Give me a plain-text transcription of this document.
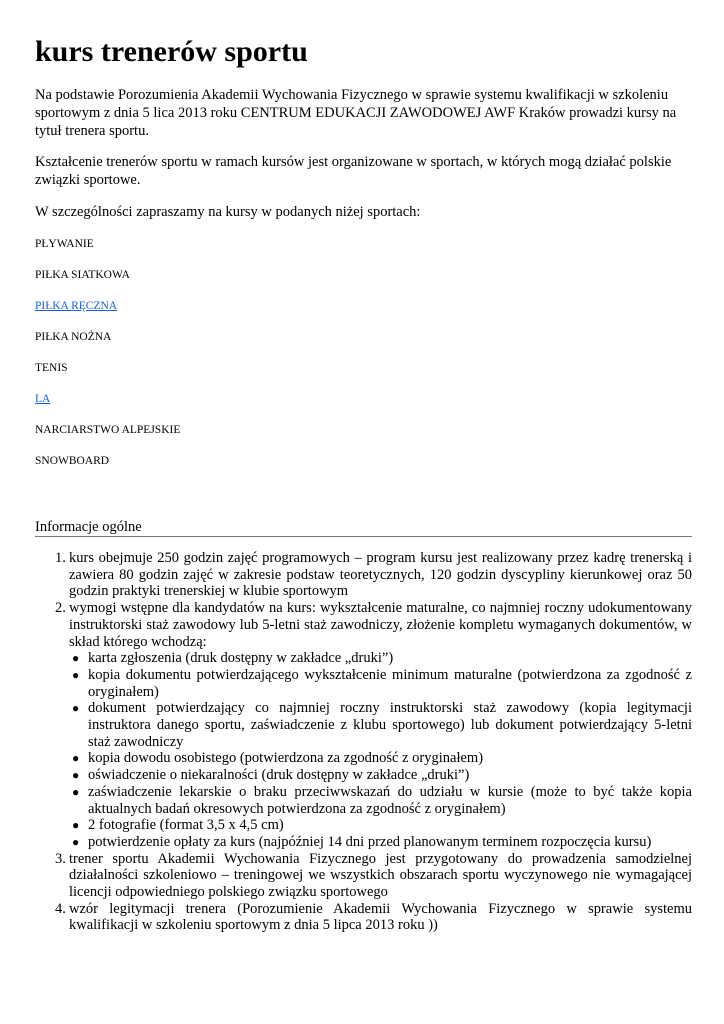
kurs trenerów sportu

Na podstawie Porozumienia Akademii Wychowania Fizycznego w sprawie systemu kwalifikacji w szkoleniu sportowym z dnia 5 lica 2013 roku CENTRUM EDUKACJI ZAWODOWEJ AWF Kraków prowadzi kursy na tytuł trenera sportu.

Kształcenie trenerów sportu w ramach kursów jest organizowane w sportach, w których mogą działać polskie związki sportowe.

W szczególności zapraszamy na kursy w podanych niżej sportach:

PŁYWANIE
PIŁKA SIATKOWA
PIŁKA RĘCZNA
PIŁKA NOŻNA
TENIS
LA
NARCIARSTWO ALPEJSKIE
SNOWBOARD
Informacje ogólne
1. kurs obejmuje 250 godzin zajęć programowych – program kursu jest realizowany przez kadrę trenerską i zawiera 80 godzin zajęć w zakresie podstaw teoretycznych, 120 godzin dyscypliny kierunkowej oraz 50 godzin praktyki trenerskiej w klubie sportowym
2. wymogi wstępne dla kandydatów na kurs: wykształcenie maturalne, co najmniej roczny udokumentowany instruktorski staż zawodowy lub 5-letni staż zawodniczy, złożenie kompletu wymaganych dokumentów, w skład którego wchodzą:
● karta zgłoszenia (druk dostępny w zakładce „druki”)
● kopia dokumentu potwierdzającego wykształcenie minimum maturalne (potwierdzona za zgodność z oryginałem)
● dokument potwierdzający co najmniej roczny instruktorski staż zawodowy (kopia legitymacji instruktora danego sportu, zaświadczenie z klubu sportowego) lub dokument potwierdzający 5-letni staż zawodniczy
● kopia dowodu osobistego (potwierdzona za zgodność z oryginałem)
● oświadczenie o niekaralności (druk dostępny w zakładce „druki”)
● zaświadczenie lekarskie o braku przeciwwskazań do udziału w kursie (może to być także kopia aktualnych badań okresowych potwierdzona za zgodność z oryginałem)
● 2 fotografie (format 3,5 x 4,5 cm)
● potwierdzenie opłaty za kurs (najpóźniej 14 dni przed planowanym terminem rozpoczęcia kursu)
3. trener sportu Akademii Wychowania Fizycznego jest przygotowany do prowadzenia samodzielnej działalności szkoleniowo – treningowej we wszystkich obszarach sportu wyczynowego nie wymagającej licencji odpowiedniego polskiego związku sportowego
4. wzór legitymacji trenera (Porozumienie Akademii Wychowania Fizycznego w sprawie systemu kwalifikacji w szkoleniu sportowym z dnia 5 lipca 2013 roku ))
